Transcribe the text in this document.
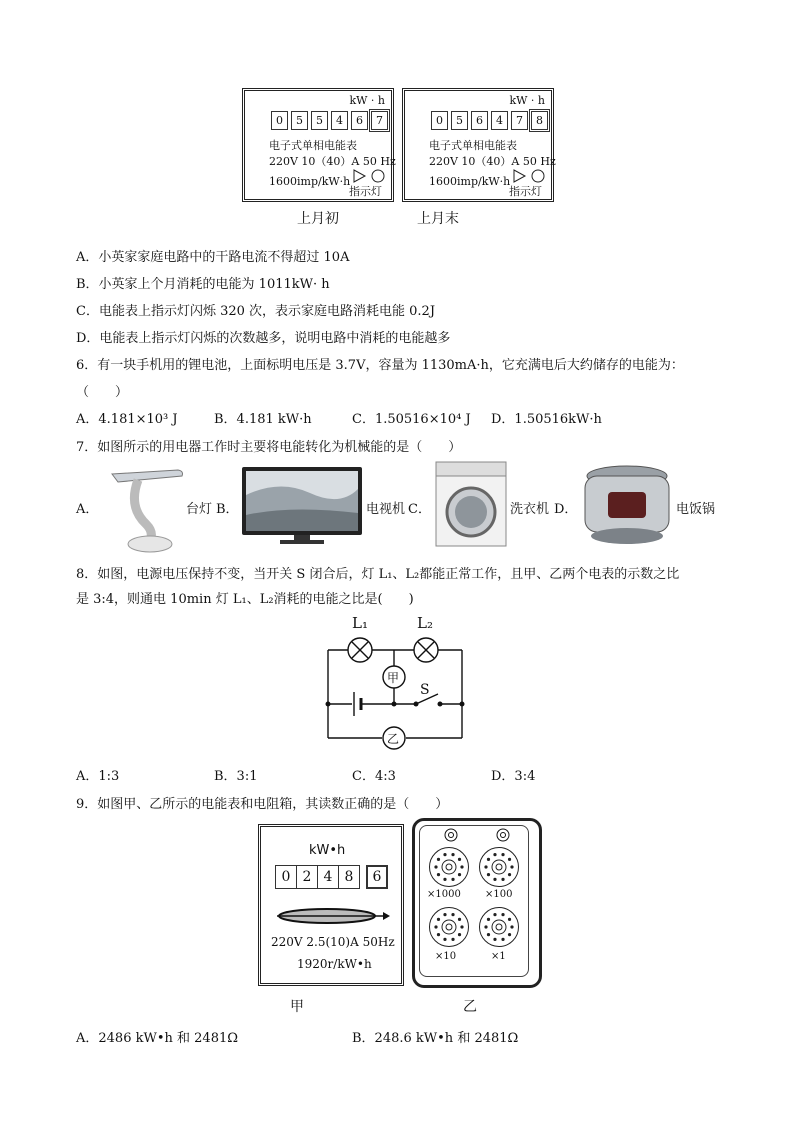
kW · h
0	5	5	4	6	7
电子式单相电能表
220V 10（40）A 50 Hz
1600imp/kW·h
指示灯
上月初
kW · h
0	5	6	4	7	8
电子式单相电能表
220V 10（40）A 50 Hz
1600imp/kW·h
指示灯
上月末
A．小英家家庭电路中的干路电流不得超过 10A
B．小英家上个月消耗的电能为 1011kW· h
C．电能表上指示灯闪烁 320 次，表示家庭电路消耗电能 0.2J
D．电能表上指示灯闪烁的次数越多，说明电路中消耗的电能越多
6．有一块手机用的锂电池，上面标明电压是 3.7V，容量为 1130mA·h，它充满电后大约储存的电能为：
（　　）
A．4.181×10³ J	B．4.181 kW·h	C．1.50516×10⁴ J D．1.50516kW·h
7．如图所示的用电器工作时主要将电能转化为机械能的是（　　）
A．	台灯 B．	电视机 C．	洗衣机 D．	电饭锅
8．如图，电源电压保持不变，当开关 S 闭合后，灯 L₁、L₂都能正常工作，且甲、乙两个电表的示数之比
是 3:4，则通电 10min 灯 L₁、L₂消耗的电能之比是(　　)
L₁	L₂
甲
乙
S
A．1:3	B．3:1	C．4:3	D．3:4
9．如图甲、乙所示的电能表和电阻箱，其读数正确的是（　　）
kW•h
0 2 4 8	6
220V 2.5(10)A 50Hz
1920r/kW•h
甲
×1000 ×100
×10	×1
乙
A．2486 kW•h 和 2481Ω	B．248.6 kW•h 和 2481Ω
